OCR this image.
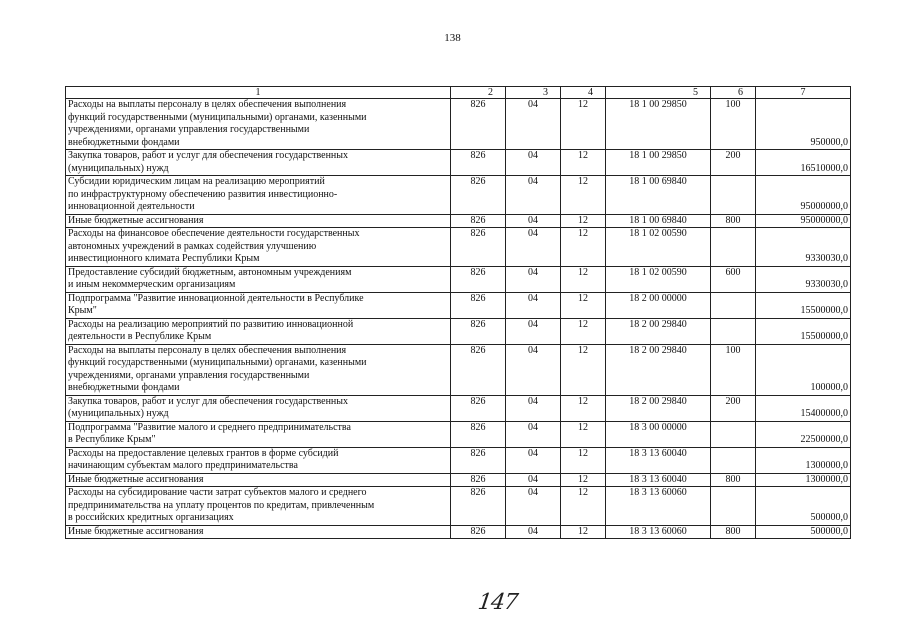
138
1	2	3	4	5	6	7

Расходы на выплаты персоналу в целях обеспечения выполнения
функций государственными (муниципальными) органами, казенными
учреждениями, органами управления государственными
внебюджетными фондами	826	04	12	18 1 00 29850	100	950000,0

Закупка товаров, работ и услуг для обеспечения государственных
(муниципальных) нужд	826	04	12	18 1 00 29850	200	16510000,0

Субсидии юридическим лицам на реализацию мероприятий
по инфраструктурному обеспечению развития инвестиционно-
инновационной деятельности	826	04	12	18 1 00 69840		95000000,0

Иные бюджетные ассигнования	826	04	12	18 1 00 69840	800	95000000,0

Расходы на финансовое обеспечение деятельности государственных
автономных учреждений в рамках содействия улучшению
инвестиционного климата Республики Крым	826	04	12	18 1 02 00590		9330030,0

Предоставление субсидий бюджетным, автономным учреждениям
и иным некоммерческим организациям	826	04	12	18 1 02 00590	600	9330030,0

Подпрограмма "Развитие инновационной деятельности в Республике
Крым"	826	04	12	18 2 00 00000		15500000,0

Расходы на реализацию мероприятий по развитию инновационной
деятельности в Республике Крым	826	04	12	18 2 00 29840		15500000,0

Расходы на выплаты персоналу в целях обеспечения выполнения
функций государственными (муниципальными) органами, казенными
учреждениями, органами управления государственными
внебюджетными фондами	826	04	12	18 2 00 29840	100	100000,0

Закупка товаров, работ и услуг для обеспечения государственных
(муниципальных) нужд	826	04	12	18 2 00 29840	200	15400000,0

Подпрограмма "Развитие малого и среднего предпринимательства
в Республике Крым"	826	04	12	18 3 00 00000		22500000,0

Расходы на предоставление целевых грантов в форме субсидий
начинающим субъектам малого предпринимательства	826	04	12	18 3 13 60040		1300000,0

Иные бюджетные ассигнования	826	04	12	18 3 13 60040	800	1300000,0

Расходы на субсидирование части затрат субъектов малого и среднего
предпринимательства на уплату процентов по кредитам, привлеченным
в российских кредитных организациях	826	04	12	18 3 13 60060		500000,0

Иные бюджетные ассигнования	826	04	12	18 3 13 60060	800	500000,0
147
